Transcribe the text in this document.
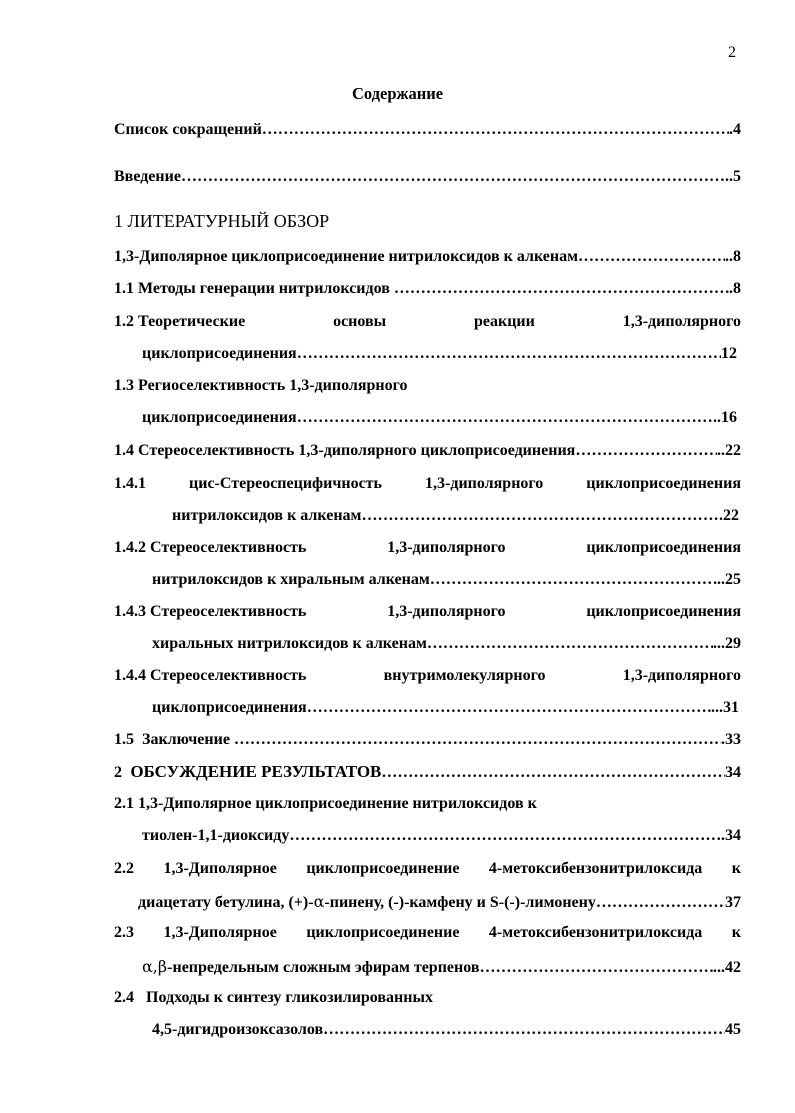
2
Содержание
Список сокращений ……………………………………………………………………………………………………………………………………	.4
Введение ……………………………………………………………………………………………………………………………………	..5
1 ЛИТЕРАТУРНЫЙ ОБЗОР
1,3-Диполярное циклоприсоединение нитрилоксидов к алкенам ……………………………………………………………………………………………………………………………………	..8
1.1 Методы генерации нитрилоксидов ……………………………………………………………………………………………………………………………………	.8
1.2 Теоретические	основы	реакции	1,3-диполярного
циклоприсоединения ……………………………………………………………………………………………………………………………………	12
1.3 Региоселективность 1,3-диполярного
циклоприсоединения ……………………………………………………………………………………………………………………………………	..16
1.4 Стереоселективность 1,3-диполярного циклоприсоединения ……………………………………………………………………………………………………………………………………	..22
1.4.1	цис-Стереоспецифичность	1,3-диполярного	циклоприсоединения
нитрилоксидов к алкенам ……………………………………………………………………………………………………………………………………	.22
1.4.2 Стереоселективность	1,3-диполярного	циклоприсоединения
нитрилоксидов к хиральным алкенам ……………………………………………………………………………………………………………………………………	..25
1.4.3 Стереоселективность	1,3-диполярного	циклоприсоединения
хиральных нитрилоксидов к алкенам ……………………………………………………………………………………………………………………………………	...29
1.4.4 Стереоселективность	внутримолекулярного	1,3-диполярного
циклоприсоединения ……………………………………………………………………………………………………………………………………	...31
1.5 Заключение ……………………………………………………………………………………………………………………………………	.33
2 ОБСУЖДЕНИЕ РЕЗУЛЬТАТОВ ……………………………………………………………………………………………………………………………………	34
2.1 1,3-Диполярное циклоприсоединение нитрилоксидов к
тиолен-1,1-диоксиду ……………………………………………………………………………………………………………………………………	.34
2.2 1,3-Диполярное циклоприсоединение 4-метоксибензонитрилоксида к
диацетату бетулина, (+)-α-пинену, (-)-камфену и S-(-)-лимонену ……………………………………………………………………………………………………………………………………	37
2.3 1,3-Диполярное циклоприсоединение 4-метоксибензонитрилоксида к
α,β-непредельным сложным эфирам терпенов ……………………………………………………………………………………………………………………………………	...42
2.4   Подходы к синтезу гликозилированных
4,5-дигидроизоксазолов ……………………………………………………………………………………………………………………………………	45
